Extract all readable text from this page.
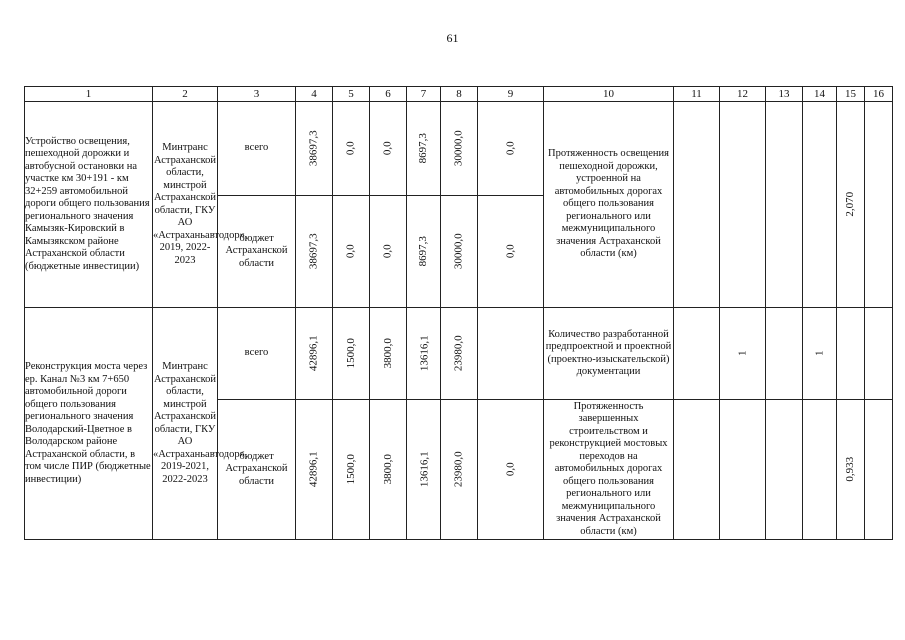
61
1	2	3	4	5	6	7	8	9	10	11	12	13	14	15	16
Устройство освещения, пешеходной дорожки и автобусной остановки на участке км 30+191 - км 32+259 автомобильной дороги общего пользования регионального значения Камызяк-Кировский в Камызякском районе Астраханской области (бюджетные инвестиции)	Минтранс Астраханской области, минстрой Астраханской области, ГКУ АО «Астраханьавтодор», 2019, 2022-2023	всего	38697,3	0,0	0,0	8697,3	30000,0	0,0	Протяженность освещения пешеходной дорожки, устроенной на автомобильных дорогах общего пользования регионального или межмуниципального значения Астраханской области (км)					2,070	
		бюджет Астраханской области	38697,3	0,0	0,0	8697,3	30000,0	0,0							
Реконструкция моста через ер. Канал №3 км 7+650 автомобильной дороги общего пользования регионального значения Володарский-Цветное в Володарском районе Астраханской области, в том числе ПИР (бюджетные инвестиции)	Минтранс Астраханской области, минстрой Астраханской области, ГКУ АО «Астраханьавтодор», 2019-2021, 2022-2023	всего	42896,1	1500,0	3800,0	13616,1	23980,0		Количество разработанной предпроектной и проектной (проектно-изыскательской) документации		1		1		
		бюджет Астраханской области	42896,1	1500,0	3800,0	13616,1	23980,0	0,0	Протяженность завершенных строительством и реконструкцией мостовых переходов на автомобильных дорогах общего пользования регионального или межмуниципального значения Астраханской области (км)					0,933	
